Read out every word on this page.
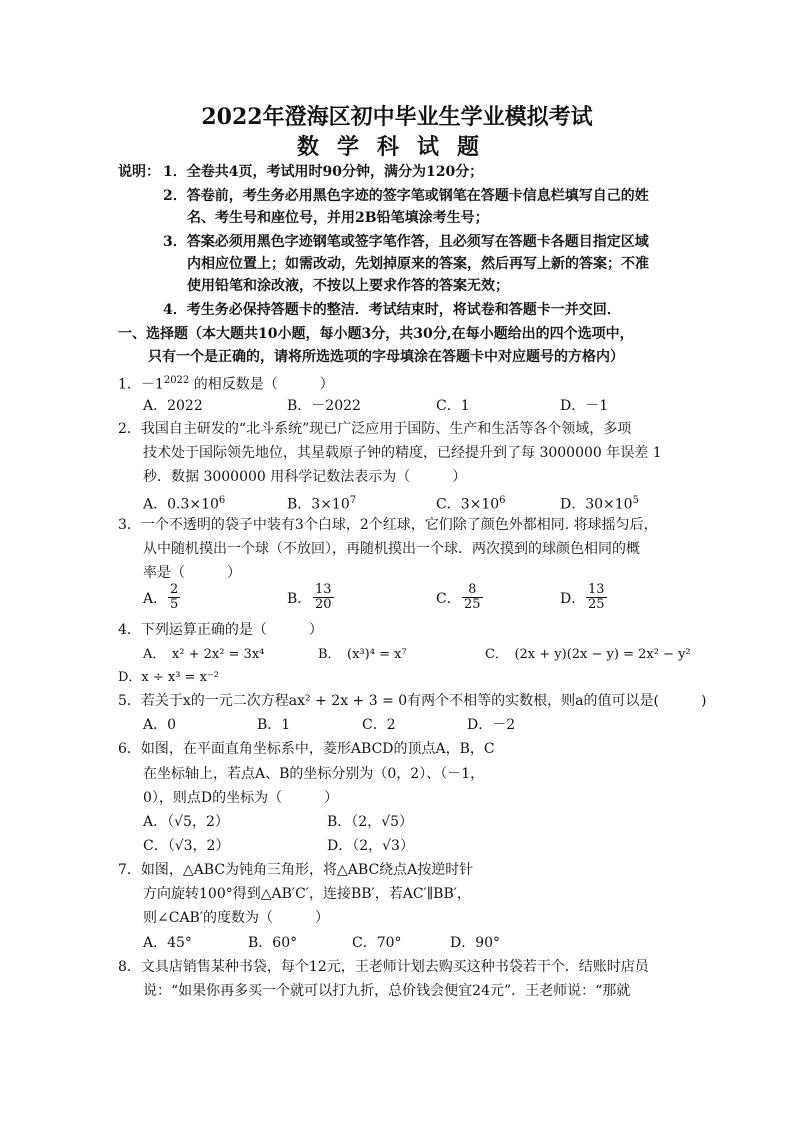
2022年澄海区初中毕业生学业模拟考试
数学科试题
说明： 1．全卷共4页，考试用时90分钟，满分为120分；
2．答卷前，考生务必用黑色字迹的签字笔或钢笔在答题卡信息栏填写自己的姓
名、考生号和座位号，并用2B铅笔填涂考生号；
3．答案必须用黑色字迹钢笔或签字笔作答，且必须写在答题卡各题目指定区域
内相应位置上；如需改动，先划掉原来的答案，然后再写上新的答案；不准
使用铅笔和涂改液，不按以上要求作答的答案无效；
4．考生务必保持答题卡的整洁．考试结束时，将试卷和答题卡一并交回．
一、选择题（本大题共10小题，每小题3分，共30分,在每小题给出的四个选项中，
只有一个是正确的，请将所选选项的字母填涂在答题卡中对应题号的方格内）
1．$-1^{2022}$ 的相反数是（　　　）
A．2022	B．－2022	C．1	D．－1
2．我国自主研发的“北斗系统”现已广泛应用于国防、生产和生活等各个领域，多项
技术处于国际领先地位，其星载原子钟的精度，已经提升到了每 3000000 年误差 1
秒．数据 3000000 用科学记数法表示为（　　　）
A．$0.3\times 10^6$	B．$3\times 10^7$	C．$3\times 10^6$	D．$30\times 10^5$
3．一个不透明的袋子中装有3个白球，2个红球，它们除了颜色外都相同. 将球摇匀后，
从中随机摸出一个球（不放回），再随机摸出一个球．两次摸到的球颜色相同的概
率是（　　　）
A． $\frac{2}{5}$	B． $\frac{13}{20}$	C． $\frac{8}{25}$	D． $\frac{13}{25}$
4．下列运算正确的是（　　　）
A．　x² + 2x² = 3x⁴	B．　(x³)⁴ = x⁷	C．　(2x + y)(2x − y) = 2x² − y²
D．x ÷ x³ = x⁻²
5．若关于x的一元二次方程ax² + 2x + 3 = 0有两个不相等的实数根，则a的值可以是(　　　)
A．0	B．1	C．2	D．－2
6．如图，在平面直角坐标系中，菱形ABCD的顶点A，B，C
在坐标轴上，若点A、B的坐标分别为（0，2）、（－1，
0），则点D的坐标为（　　　）
A．（√5，2）	B．（2，√5）
C．（√3，2）	D．（2，√3）
7．如图，△ABC为钝角三角形，将△ABC绕点A按逆时针
方向旋转100°得到△AB′C′，连接BB′，若AC′∥BB′，
则∠CAB′的度数为（　　　）
A．45°	B．60°	C．70°	D．90°
8．文具店销售某种书袋，每个12元，王老师计划去购买这种书袋若干个．结账时店员
说：“如果你再多买一个就可以打九折，总价钱会便宜24元”．王老师说：“那就
